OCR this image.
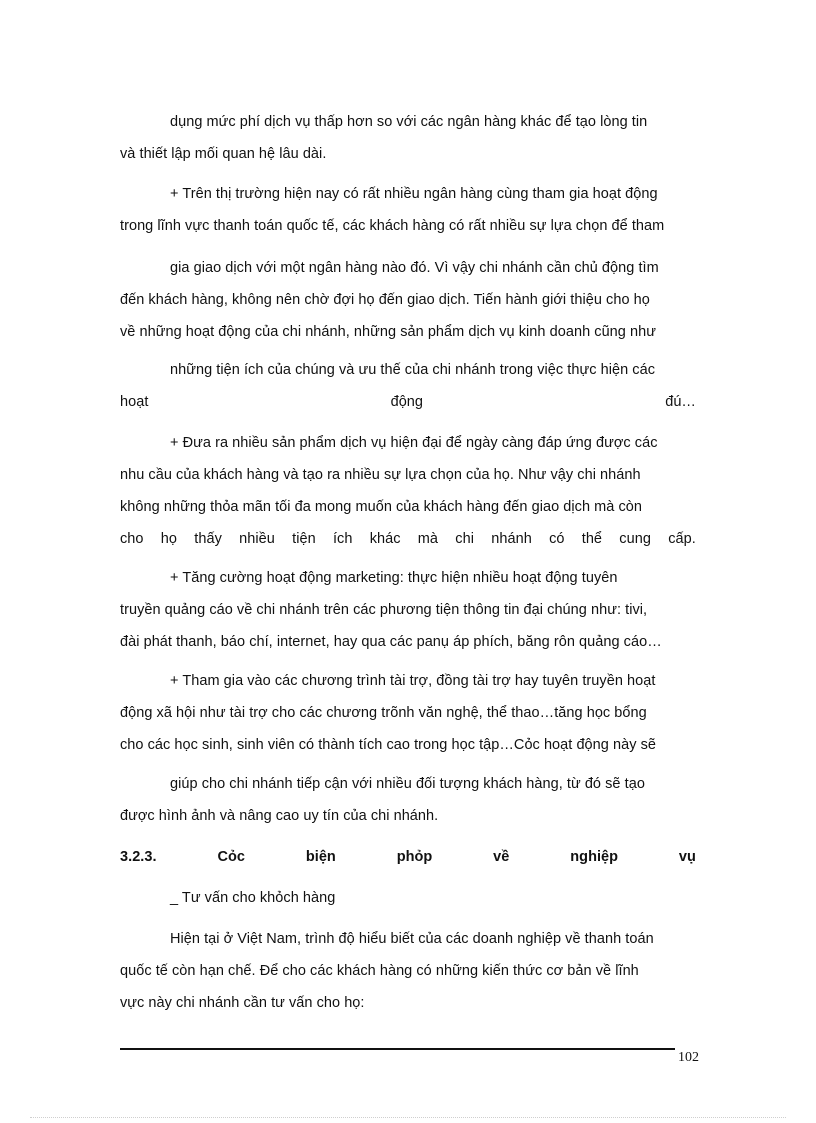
dụng mức phí dịch vụ thấp hơn so với các ngân hàng khác để tạo lòng tin
và thiết lập mối quan hệ lâu dài.
+ Trên thị trường hiện nay có rất nhiều ngân hàng cùng tham gia hoạt động
trong lĩnh vực thanh toán quốc tế, các khách hàng có rất nhiều sự lựa chọn để tham
gia giao dịch với một ngân hàng nào đó. Vì vậy chi nhánh cần chủ động tìm
đến khách hàng, không nên chờ đợi họ đến giao dịch. Tiến hành giới thiệu cho họ
về những hoạt động của chi nhánh, những sản phẩm dịch vụ kinh doanh cũng như
những tiện ích của chúng và ưu thế của chi nhánh trong việc thực hiện các
hoạt	động	đú…
+ Đưa ra nhiều sản phẩm dịch vụ hiện đại để ngày càng đáp ứng được các
nhu cầu của khách hàng và tạo ra nhiều sự lựa chọn của họ. Như vậy chi nhánh
không những thỏa mãn tối đa mong muốn của khách hàng đến giao dịch mà còn
cho họ thấy nhiều tiện ích khác mà chi nhánh có thể cung cấp.
+ Tăng cường hoạt động marketing: thực hiện nhiều hoạt động tuyên
truyền quảng cáo về chi nhánh trên các phương tiện thông tin đại chúng như: tivi,
đài phát thanh, báo chí, internet, hay qua các panụ áp phích, băng rôn quảng cáo…
+ Tham gia vào các chương trình tài trợ, đồng tài trợ hay tuyên truyền hoạt
động xã hội như tài trợ cho các chương trõnh văn nghệ, thể thao…tăng học bổng
cho các học sinh, sinh viên có thành tích cao trong học tập…Cỏc hoạt động này sẽ
giúp cho chi nhánh tiếp cận với nhiều đối tượng khách hàng, từ đó sẽ tạo
được hình ảnh và nâng cao uy tín của chi nhánh.
3.2.3.	Cỏc	biện	phỏp	về	nghiệp	vụ
_ Tư vấn cho khỏch hàng
Hiện tại ở Việt Nam, trình độ hiểu biết của các doanh nghiệp về thanh toán
quốc tế còn hạn chế. Để cho các khách hàng có những kiến thức cơ bản về lĩnh
vực này chi nhánh cần tư vấn cho họ:
102
